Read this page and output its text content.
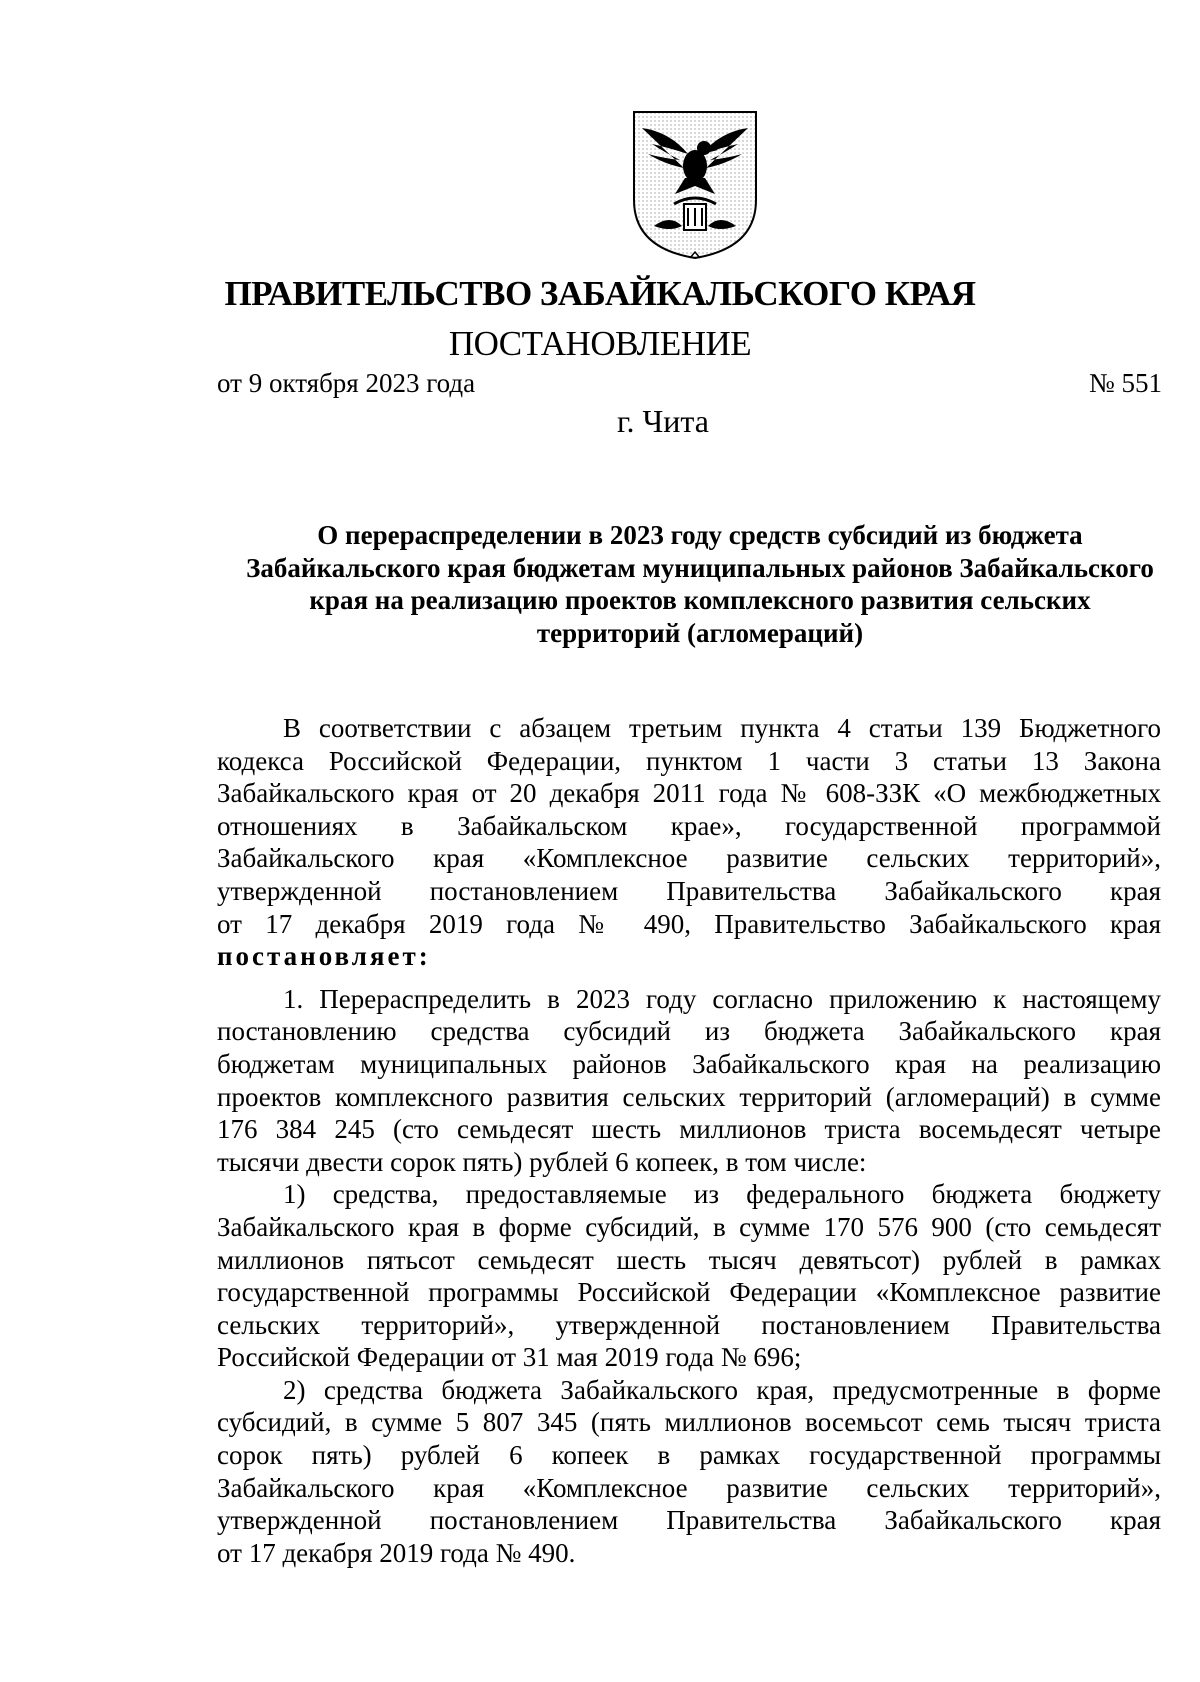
ПРАВИТЕЛЬСТВО ЗАБАЙКАЛЬСКОГО КРАЯ
ПОСТАНОВЛЕНИЕ
от 9 октября 2023 года	№ 551
г. Чита
О перераспределении в 2023 году средств субсидий из бюджета
Забайкальского края бюджетам муниципальных районов Забайкальского
края на реализацию проектов комплексного развития сельских
территорий (агломераций)
В соответствии с абзацем третьим пункта 4 статьи 139 Бюджетного
кодекса Российской Федерации, пунктом 1 части 3 статьи 13 Закона
Забайкальского края от 20 декабря 2011 года № 608-ЗЗК «О межбюджетных
отношениях в Забайкальском крае», государственной программой
Забайкальского края «Комплексное развитие сельских территорий»,
утвержденной постановлением Правительства Забайкальского края
от 17 декабря 2019 года № 490, Правительство Забайкальского края
постановляет:
1. Перераспределить в 2023 году согласно приложению к настоящему
постановлению средства субсидий из бюджета Забайкальского края
бюджетам муниципальных районов Забайкальского края на реализацию
проектов комплексного развития сельских территорий (агломераций) в сумме
176 384 245 (сто семьдесят шесть миллионов триста восемьдесят четыре
тысячи двести сорок пять) рублей 6 копеек, в том числе:
1) средства, предоставляемые из федерального бюджета бюджету
Забайкальского края в форме субсидий, в сумме 170 576 900 (сто семьдесят
миллионов пятьсот семьдесят шесть тысяч девятьсот) рублей в рамках
государственной программы Российской Федерации «Комплексное развитие
сельских территорий», утвержденной постановлением Правительства
Российской Федерации от 31 мая 2019 года № 696;
2) средства бюджета Забайкальского края, предусмотренные в форме
субсидий, в сумме 5 807 345 (пять миллионов восемьсот семь тысяч триста
сорок пять) рублей 6 копеек в рамках государственной программы
Забайкальского края «Комплексное развитие сельских территорий»,
утвержденной постановлением Правительства Забайкальского края
от 17 декабря 2019 года № 490.
